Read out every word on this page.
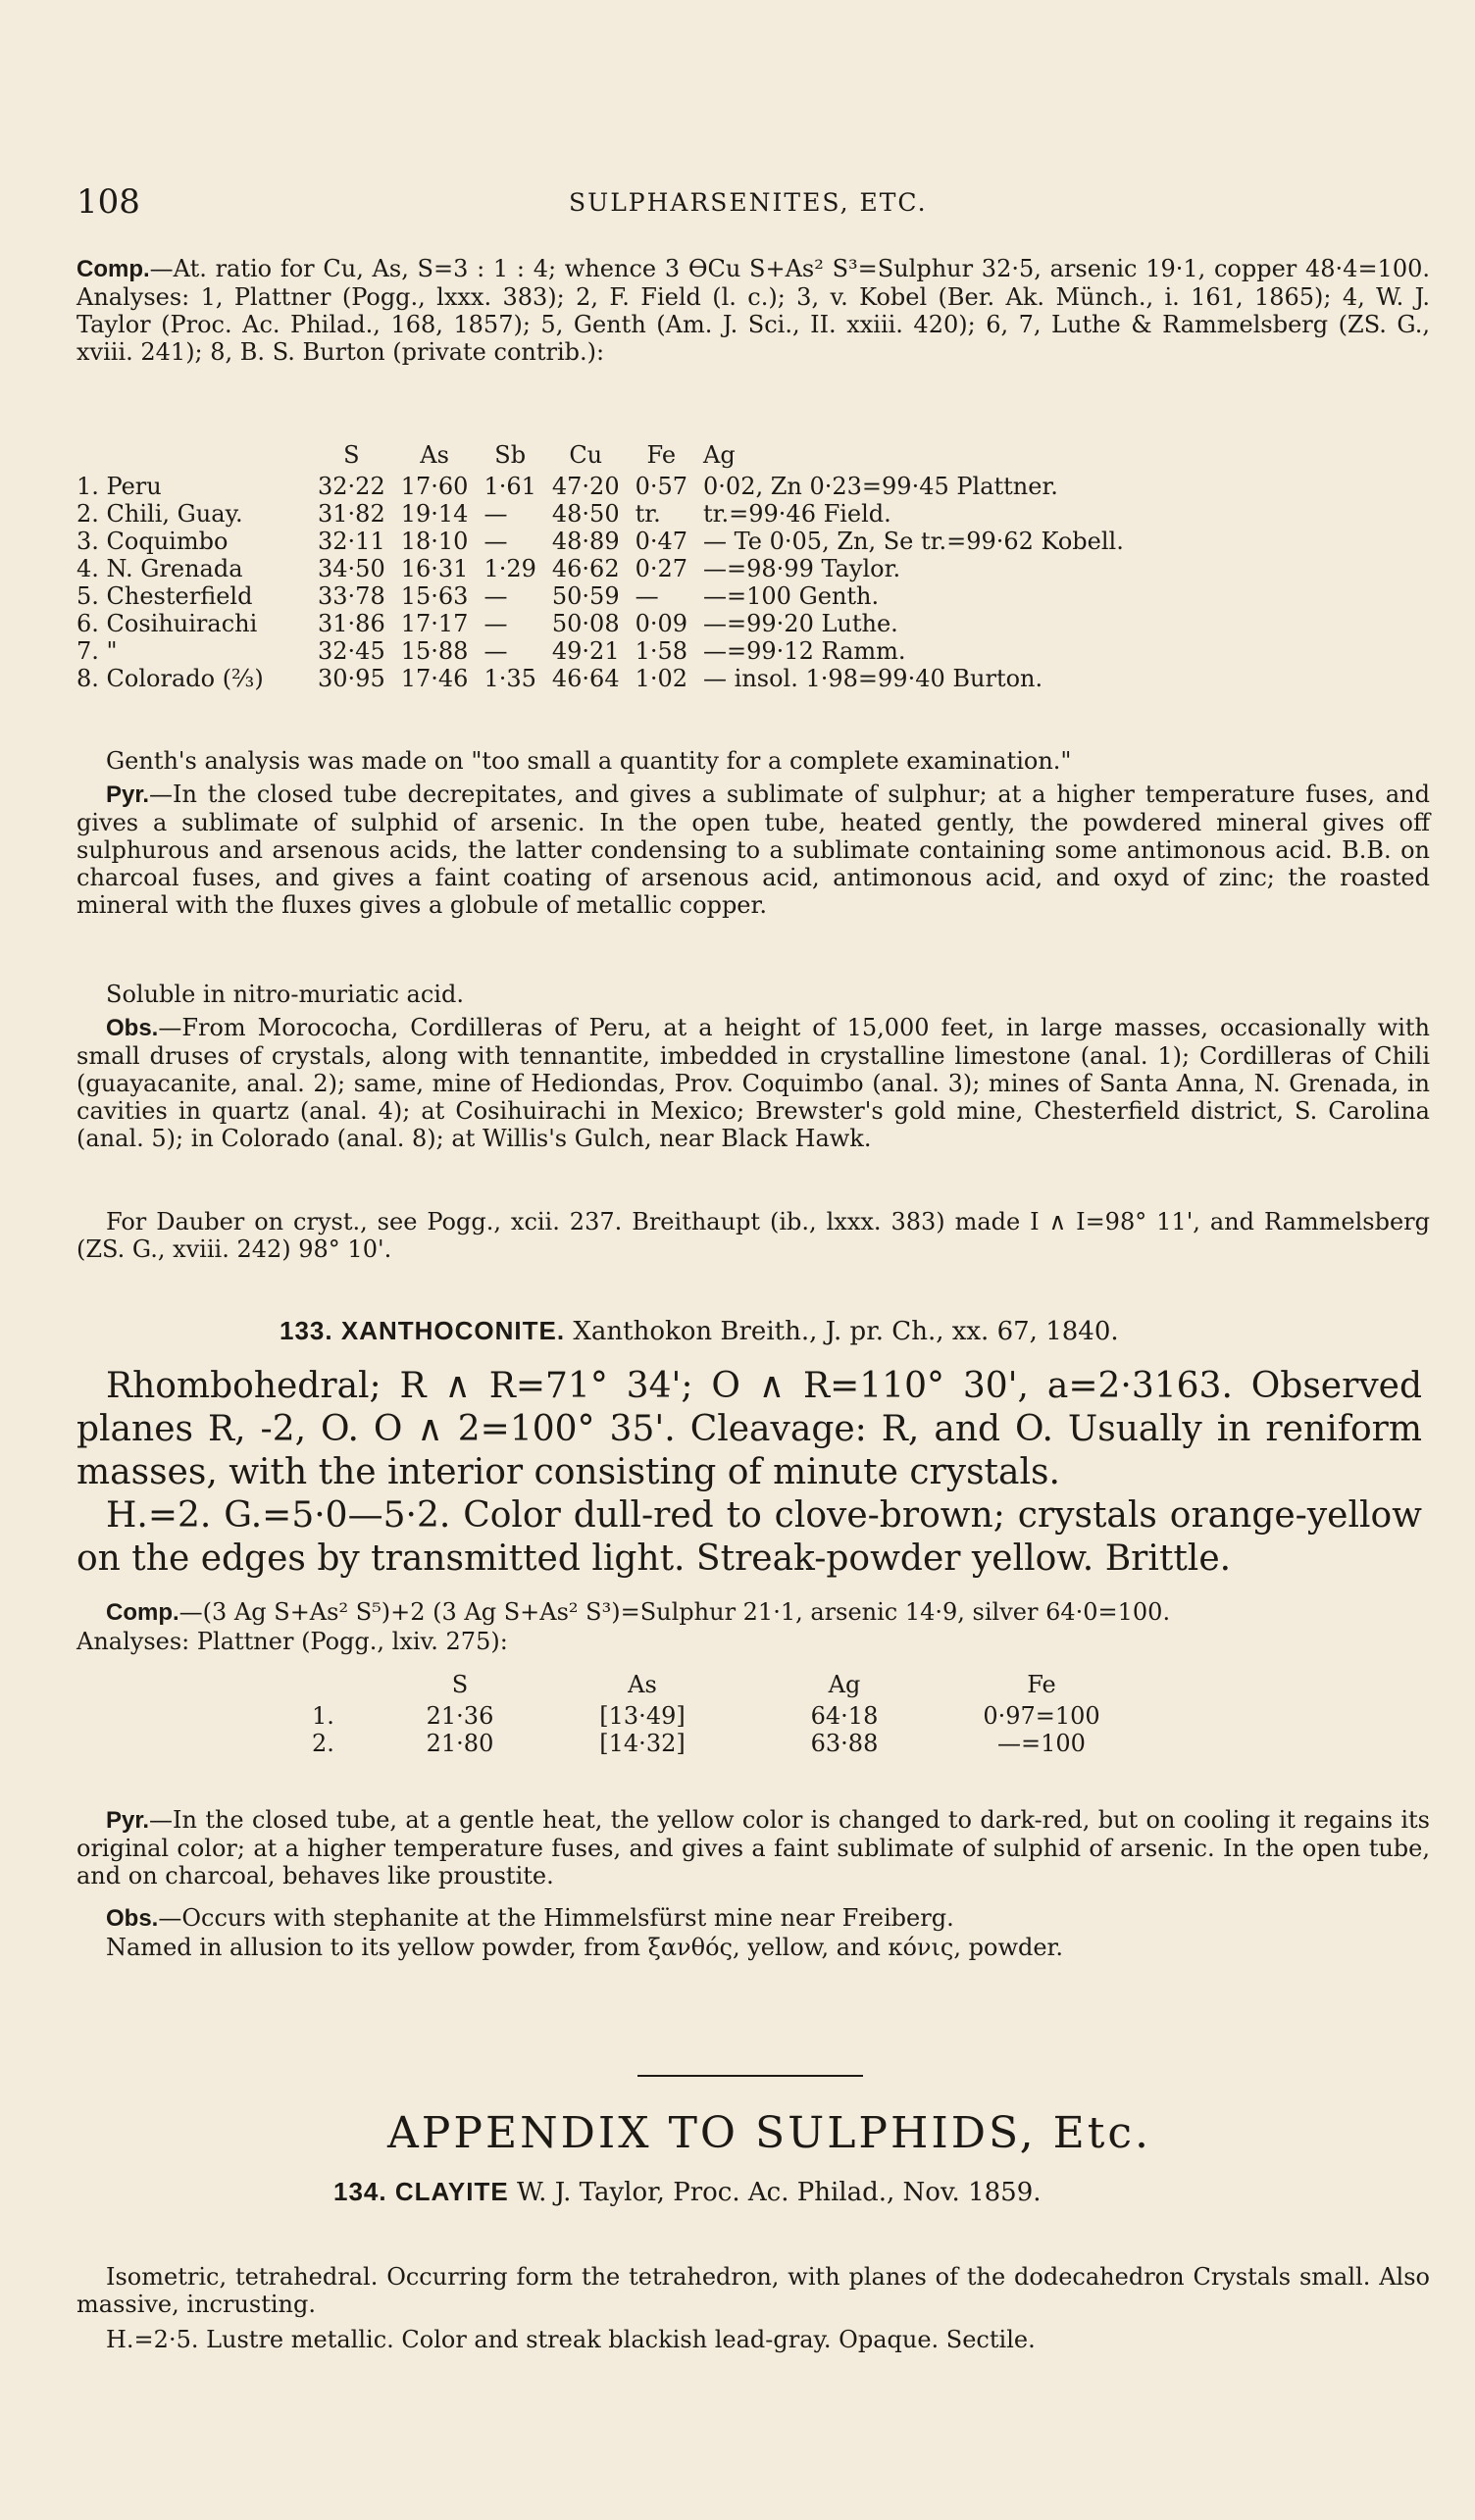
108	SULPHARSENITES, ETC.
Comp.—At. ratio for Cu, As, S=3 : 1 : 4; whence 3 ӨCu S+As² S³=Sulphur 32·5, arsenic 19·1, copper 48·4=100. Analyses: 1, Plattner (Pogg., lxxx. 383); 2, F. Field (l. c.); 3, v. Kobel (Ber. Ak. Münch., i. 161, 1865); 4, W. J. Taylor (Proc. Ac. Philad., 168, 1857); 5, Genth (Am. J. Sci., II. xxiii. 420); 6, 7, Luthe & Rammelsberg (ZS. G., xviii. 241); 8, B. S. Burton (private contrib.):
	S	As	Sb	Cu	Fe	Ag
1. Peru	32·22	17·60	1·61	47·20	0·57	0·02, Zn 0·23=99·45 Plattner.
2. Chili, Guay.	31·82	19·14	—	48·50	tr.	tr.=99·46 Field.
3. Coquimbo	32·11	18·10	—	48·89	0·47	— Te 0·05, Zn, Se tr.=99·62 Kobell.
4. N. Grenada	34·50	16·31	1·29	46·62	0·27	—=98·99 Taylor.
5. Chesterfield	33·78	15·63	—	50·59	—	—=100 Genth.
6. Cosihuirachi	31·86	17·17	—	50·08	0·09	—=99·20 Luthe.
7. "	32·45	15·88	—	49·21	1·58	—=99·12 Ramm.
8. Colorado (⅔)	30·95	17·46	1·35	46·64	1·02	— insol. 1·98=99·40 Burton.
Genth's analysis was made on "too small a quantity for a complete examination."
Pyr.—In the closed tube decrepitates, and gives a sublimate of sulphur; at a higher temperature fuses, and gives a sublimate of sulphid of arsenic. In the open tube, heated gently, the powdered mineral gives off sulphurous and arsenous acids, the latter condensing to a sublimate containing some antimonous acid. B.B. on charcoal fuses, and gives a faint coating of arsenous acid, antimonous acid, and oxyd of zinc; the roasted mineral with the fluxes gives a globule of metallic copper.
Soluble in nitro-muriatic acid.
Obs.—From Morococha, Cordilleras of Peru, at a height of 15,000 feet, in large masses, occasionally with small druses of crystals, along with tennantite, imbedded in crystalline limestone (anal. 1); Cordilleras of Chili (guayacanite, anal. 2); same, mine of Hediondas, Prov. Coquimbo (anal. 3); mines of Santa Anna, N. Grenada, in cavities in quartz (anal. 4); at Cosihuirachi in Mexico; Brewster's gold mine, Chesterfield district, S. Carolina (anal. 5); in Colorado (anal. 8); at Willis's Gulch, near Black Hawk.
For Dauber on cryst., see Pogg., xcii. 237. Breithaupt (ib., lxxx. 383) made I ∧ I=98° 11', and Rammelsberg (ZS. G., xviii. 242) 98° 10'.
133. XANTHOCONITE. Xanthokon Breith., J. pr. Ch., xx. 67, 1840.
Rhombohedral; R ∧ R=71° 34'; O ∧ R=110° 30', a=2·3163. Observed planes R, -2, O. O ∧ 2=100° 35'. Cleavage: R, and O. Usually in reniform masses, with the interior consisting of minute crystals.
H.=2. G.=5·0—5·2. Color dull-red to clove-brown; crystals orange-yellow on the edges by transmitted light. Streak-powder yellow. Brittle.
Comp.—(3 Ag S+As² S⁵)+2 (3 Ag S+As² S³)=Sulphur 21·1, arsenic 14·9, silver 64·0=100.
Analyses: Plattner (Pogg., lxiv. 275):
	S	As	Ag	Fe
1.	21·36	[13·49]	64·18	0·97=100
2.	21·80	[14·32]	63·88	—=100
Pyr.—In the closed tube, at a gentle heat, the yellow color is changed to dark-red, but on cooling it regains its original color; at a higher temperature fuses, and gives a faint sublimate of sulphid of arsenic. In the open tube, and on charcoal, behaves like proustite.
Obs.—Occurs with stephanite at the Himmelsfürst mine near Freiberg.
Named in allusion to its yellow powder, from ξανθός, yellow, and κόνις, powder.
APPENDIX TO SULPHIDS, Etc.
134. CLAYITE W. J. Taylor, Proc. Ac. Philad., Nov. 1859.
Isometric, tetrahedral. Occurring form the tetrahedron, with planes of the dodecahedron Crystals small. Also massive, incrusting.
H.=2·5. Lustre metallic. Color and streak blackish lead-gray. Opaque. Sectile.
